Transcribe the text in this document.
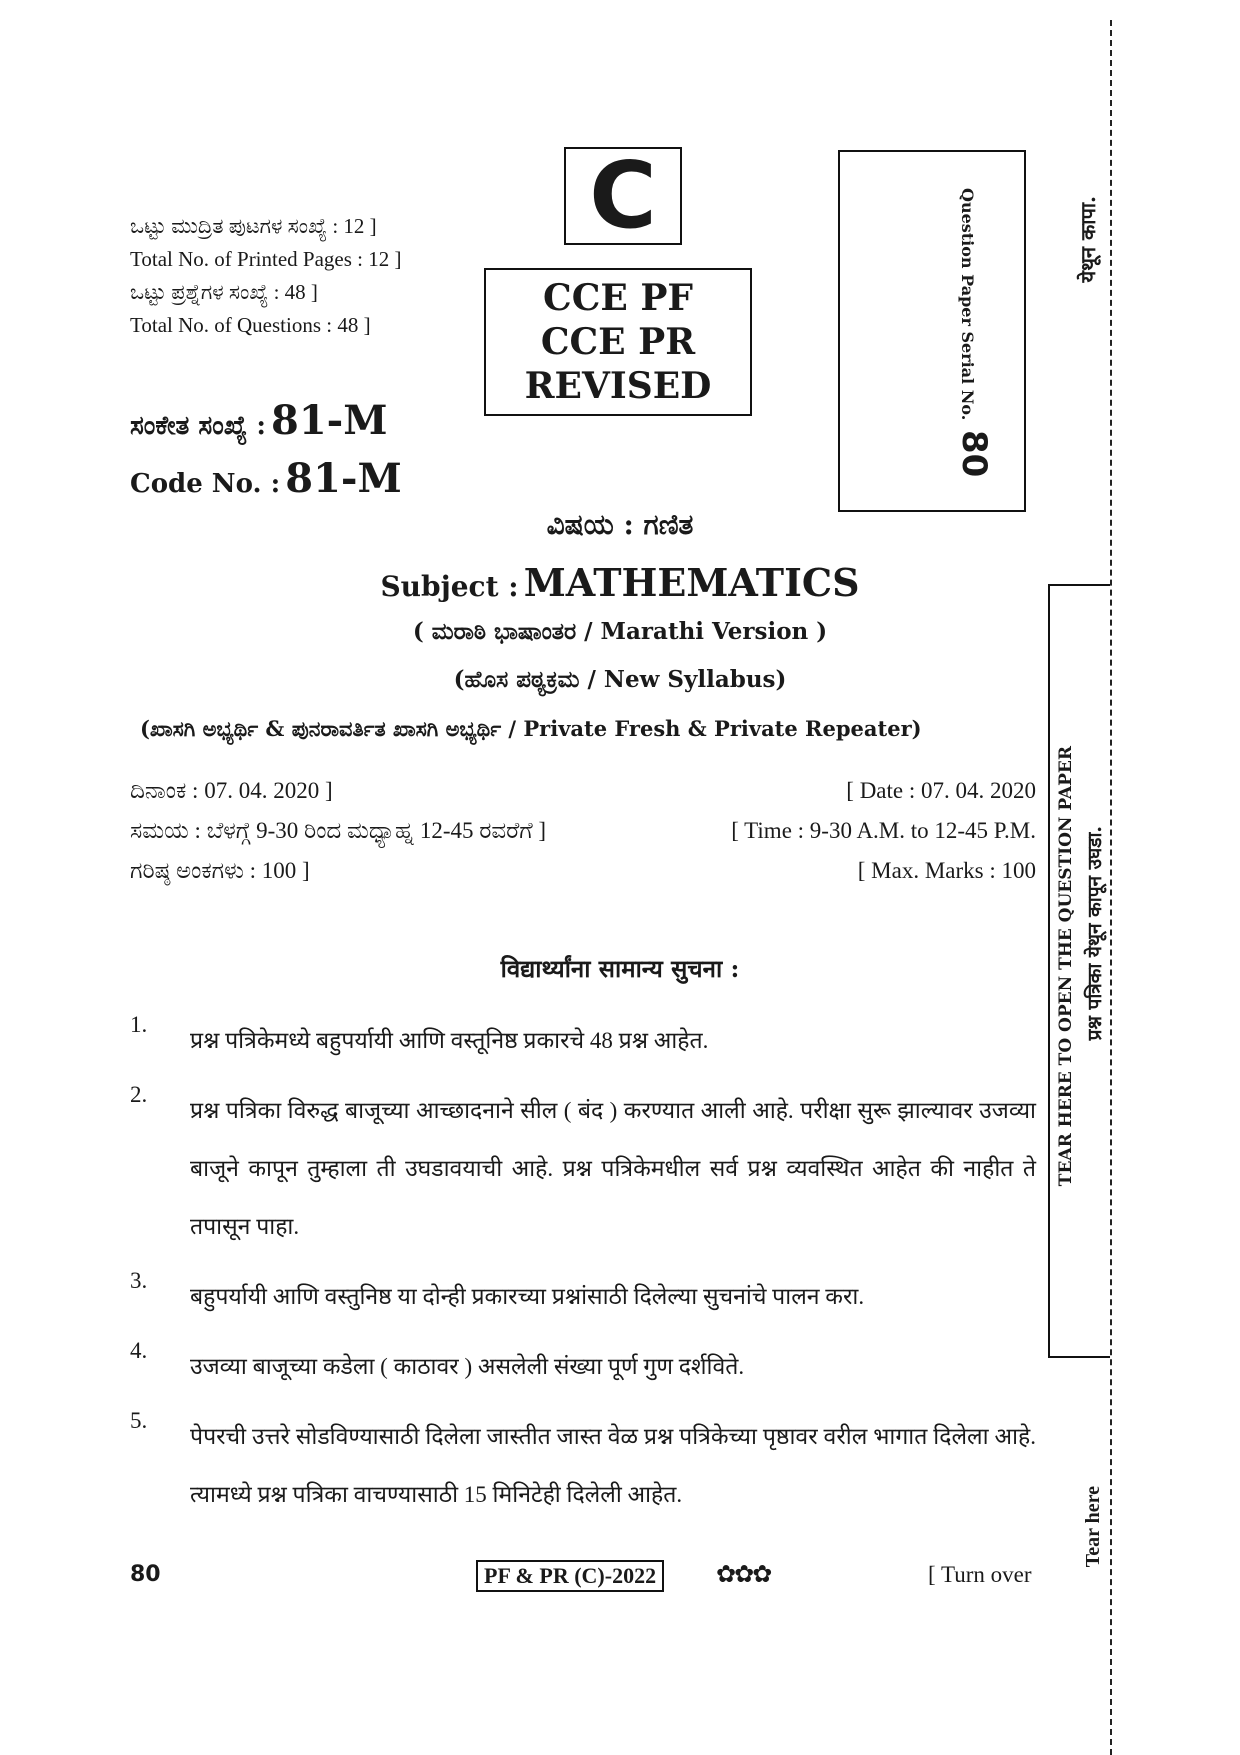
C
ಒಟ್ಟು ಮುದ್ರಿತ ಪುಟಗಳ ಸಂಖ್ಯೆ : 12 ]
Total No. of Printed Pages : 12 ]
ಒಟ್ಟು ಪ್ರಶ್ನೆಗಳ ಸಂಖ್ಯೆ : 48 ]
Total No. of Questions : 48 ]
ಸಂಕೇತ ಸಂಖ್ಯೆ : 81-M
Code No. : 81-M
CCE PF
CCE PR
REVISED	Question Paper Serial No.
80
ವಿಷಯ : ಗಣಿತ
Subject : MATHEMATICS
( ಮರಾಠಿ ಭಾಷಾಂತರ / Marathi Version )
(ಹೊಸ ಪಠ್ಯಕ್ರಮ / New Syllabus)
(ಖಾಸಗಿ ಅಭ್ಯರ್ಥಿ & ಪುನರಾವರ್ತಿತ ಖಾಸಗಿ ಅಭ್ಯರ್ಥಿ / Private Fresh & Private Repeater)
ದಿನಾಂಕ : 07. 04. 2020 ]	[ Date : 07. 04. 2020
ಸಮಯ : ಬೆಳಗ್ಗೆ 9-30 ರಿಂದ ಮಧ್ಯಾಹ್ನ 12-45 ರವರೆಗೆ ]	[ Time : 9-30 A.M. to 12-45 P.M.
ಗರಿಷ್ಠ ಅಂಕಗಳು : 100 ]	[ Max. Marks : 100
विद्यार्थ्यांना सामान्य सुचना :
1.
प्रश्न पत्रिकेमध्ये बहुपर्यायी आणि वस्तूनिष्ठ प्रकारचे 48 प्रश्न आहेत.
2.
प्रश्न पत्रिका विरुद्ध बाजूच्या आच्छादनाने सील ( बंद ) करण्यात आली आहे. परीक्षा सुरू झाल्यावर उजव्या बाजूने कापून तुम्हाला ती उघडावयाची आहे. प्रश्न पत्रिकेमधील सर्व प्रश्न व्यवस्थित आहेत की नाहीत ते तपासून पाहा.
3.
बहुपर्यायी आणि वस्तुनिष्ठ या दोन्ही प्रकारच्या प्रश्नांसाठी दिलेल्या सुचनांचे पालन करा.
4.
उजव्या बाजूच्या कडेला ( काठावर ) असलेली संख्या पूर्ण गुण दर्शविते.
5.
पेपरची उत्तरे सोडविण्यासाठी दिलेला जास्तीत जास्त वेळ प्रश्न पत्रिकेच्या पृष्ठावर वरील भागात दिलेला आहे. त्यामध्ये प्रश्न पत्रिका वाचण्यासाठी 15 मिनिटेही दिलेली आहेत.
80	PF & PR (C)-2022	✿✿✿	[ Turn over
येथून कापा.
TEAR HERE TO OPEN THE QUESTION PAPER प्रश्न पत्रिका येथून कापून उघडा.
Tear here
